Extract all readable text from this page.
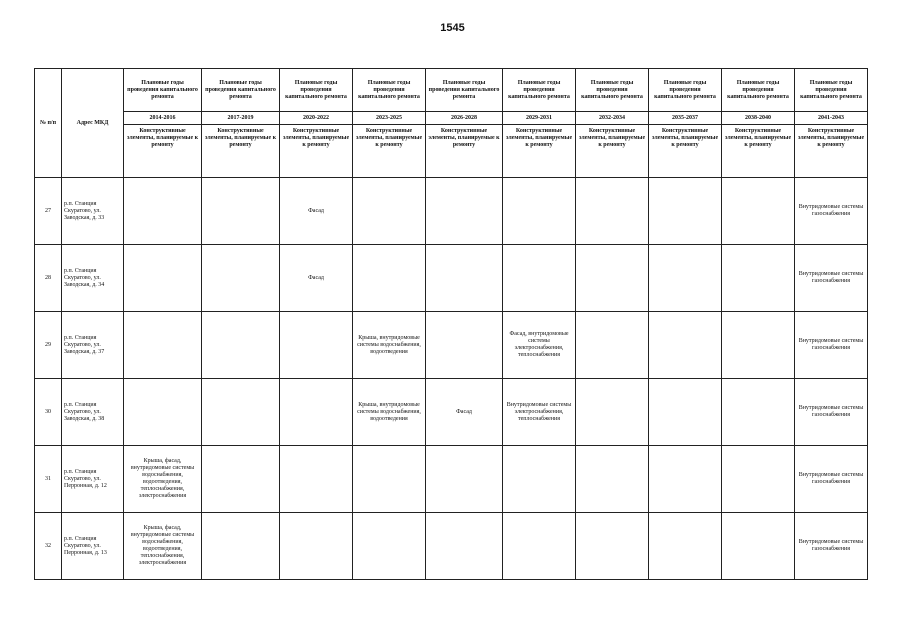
1545
№ п/п	Адрес МКД	Плановые годы проведения капитального ремонта	Плановые годы проведения капитального ремонта	Плановые годы проведения капитального ремонта	Плановые годы проведения капитального ремонта	Плановые годы проведения капитального ремонта	Плановые годы проведения капитального ремонта	Плановые годы проведения капитального ремонта	Плановые годы проведения капитального ремонта	Плановые годы проведения капитального ремонта	Плановые годы проведения капитального ремонта
		2014-2016	2017-2019	2020-2022	2023-2025	2026-2028	2029-2031	2032-2034	2035-2037	2038-2040	2041-2043
		Конструктивные элементы, планируемые к ремонту	Конструктивные элементы, планируемые к ремонту	Конструктивные элементы, планируемые к ремонту	Конструктивные элементы, планируемые к ремонту	Конструктивные элементы, планируемые к ремонту	Конструктивные элементы, планируемые к ремонту	Конструктивные элементы, планируемые к ремонту	Конструктивные элементы, планируемые к ремонту	Конструктивные элементы, планируемые к ремонту	Конструктивные элементы, планируемые к ремонту
27	р.п. Станция Скуратово, ул. Заводская, д. 33			Фасад							Внутридомовые системы газоснабжения
28	р.п. Станция Скуратово, ул. Заводская, д. 34			Фасад							Внутридомовые системы газоснабжения
29	р.п. Станция Скуратово, ул. Заводская, д. 37				Крыша, внутридомовые системы водоснабжения, водоотведения		Фасад, внутридомовые системы электроснабжения, теплоснабжения				Внутридомовые системы газоснабжения
30	р.п. Станция Скуратово, ул. Заводская, д. 38				Крыша, внутридомовые системы водоснабжения, водоотведения	Фасад	Внутридомовые системы электроснабжения, теплоснабжения				Внутридомовые системы газоснабжения
31	р.п. Станция Скуратово, ул. Перронная, д. 12	Крыша, фасад, внутридомовые системы водоснабжения, водоотведения, теплоснабжения, электроснабжения									Внутридомовые системы газоснабжения
32	р.п. Станция Скуратово, ул. Перронная, д. 13	Крыша, фасад, внутридомовые системы водоснабжения, водоотведения, теплоснабжения, электроснабжения									Внутридомовые системы газоснабжения
